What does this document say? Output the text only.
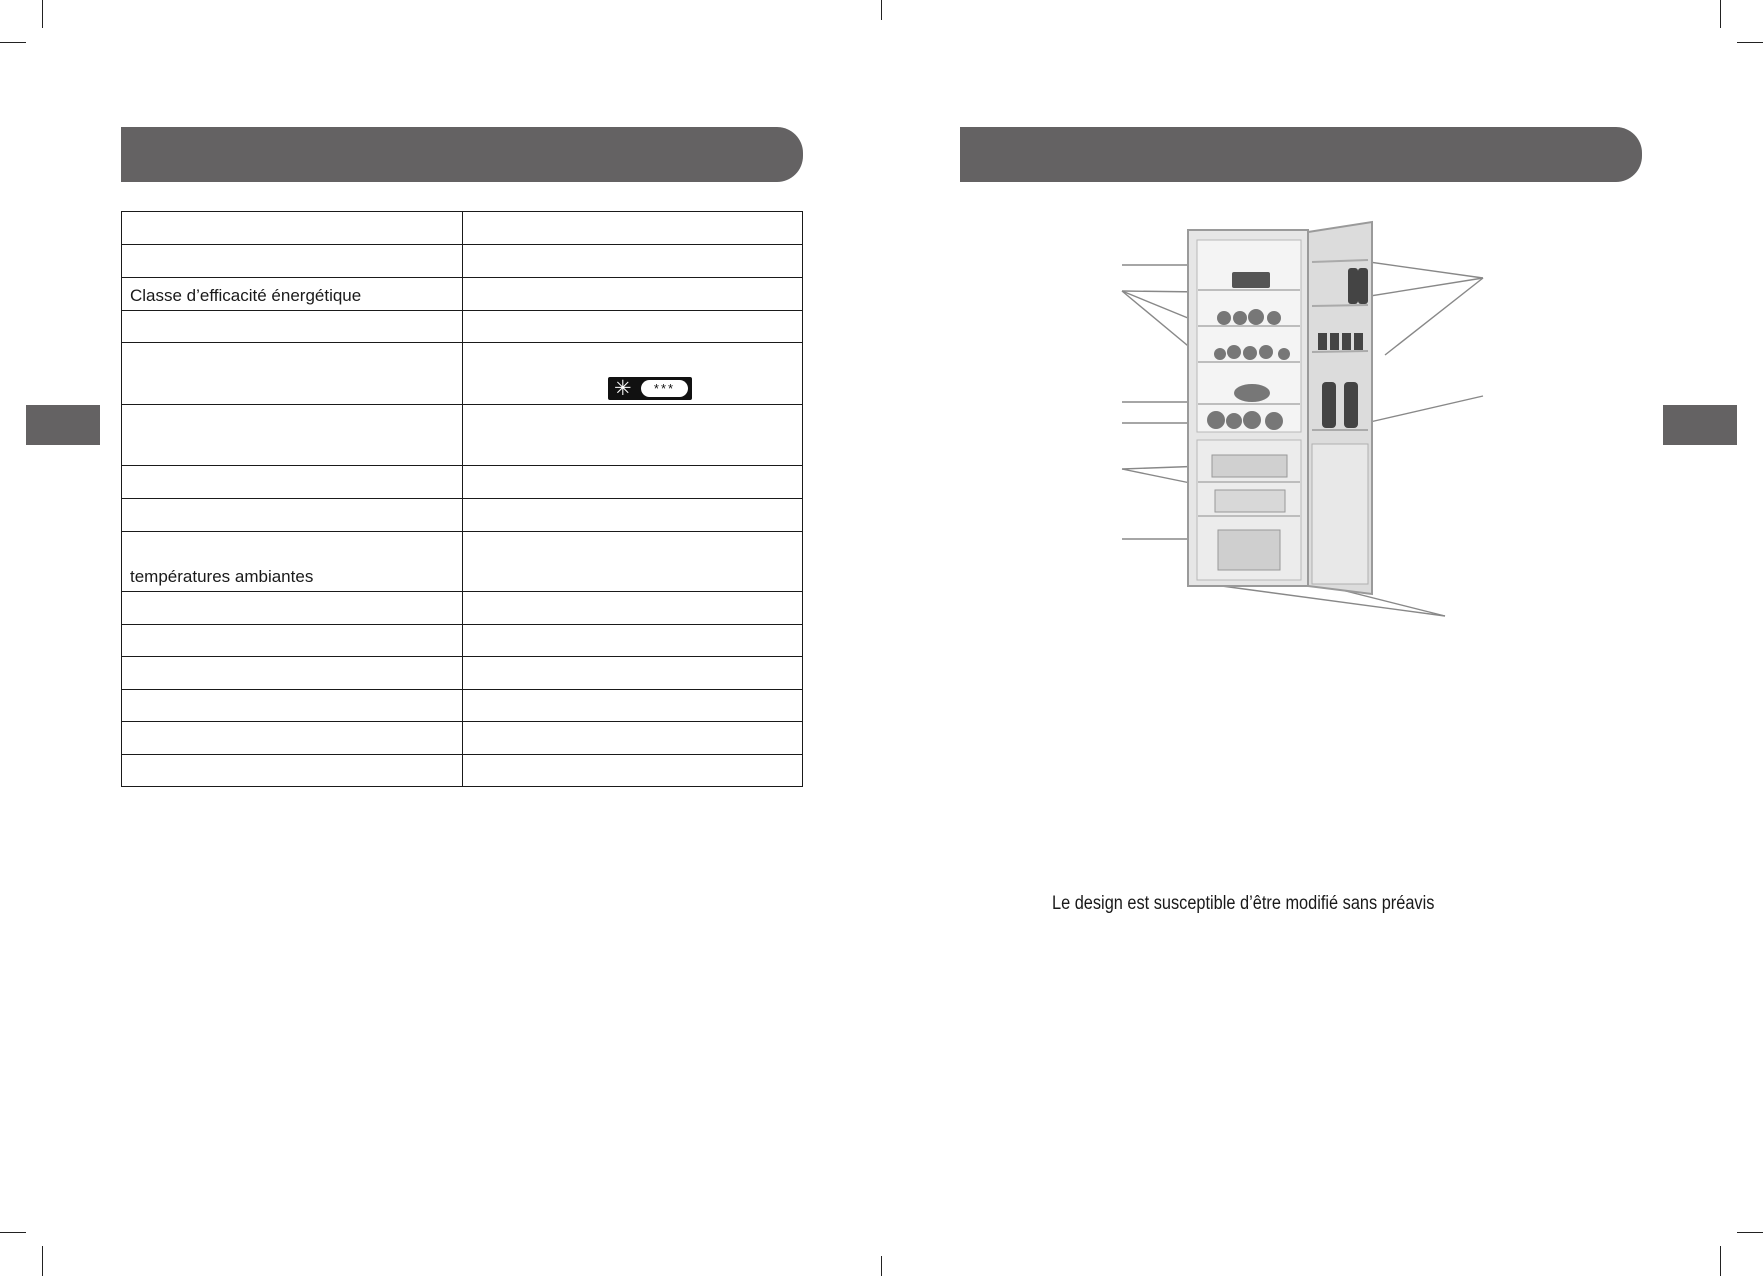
Classe d’efficacité énergétique	

	✳ ***

températures ambiantes	

Le design est susceptible d’être modifié sans préavis
